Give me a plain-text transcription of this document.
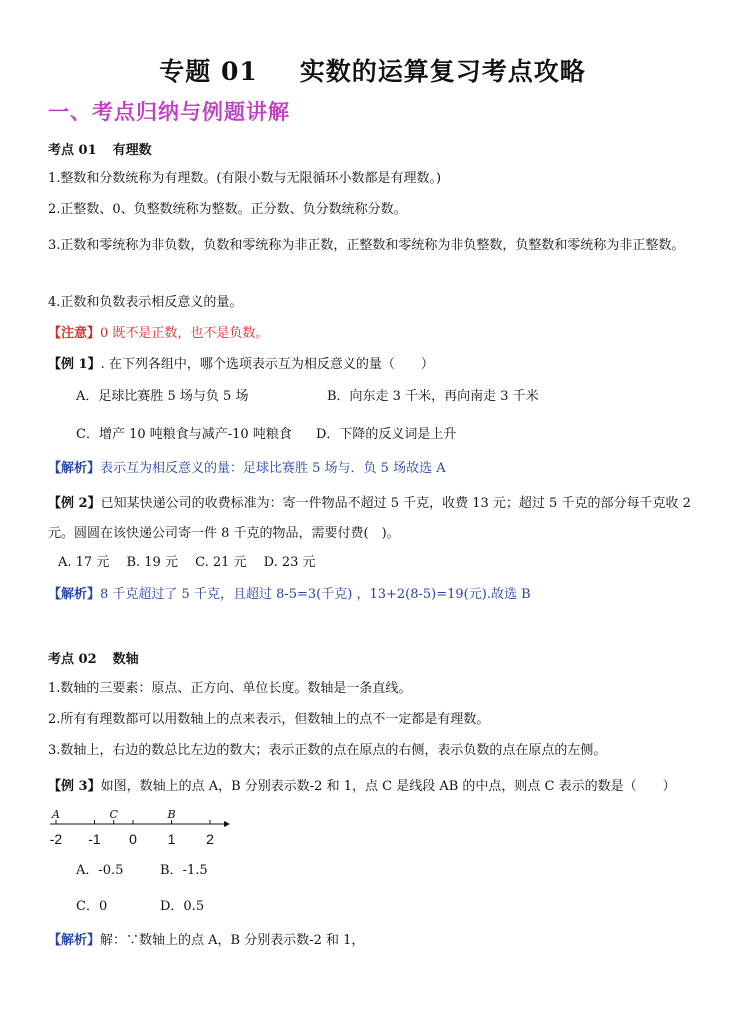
专题 01 实数的运算复习考点攻略
一、考点归纳与例题讲解
考点 01 有理数
1.整数和分数统称为有理数。(有限小数与无限循环小数都是有理数。)
2.正整数、0、负整数统称为整数。正分数、负分数统称分数。
3.正数和零统称为非负数，负数和零统称为非正数，正整数和零统称为非负整数，负整数和零统称为非正整数。
4.正数和负数表示相反意义的量。
【注意】0 既不是正数，也不是负数。
【例 1】. 在下列各组中，哪个选项表示互为相反意义的量（　　）
A．足球比赛胜 5 场与负 5 场	B．向东走 3 千米，再向南走 3 千米
C．增产 10 吨粮食与减产-10 吨粮食 D．下降的反义词是上升
【解析】表示互为相反意义的量：足球比赛胜 5 场与．负 5 场故选 A
【例 2】已知某快递公司的收费标准为：寄一件物品不超过 5 千克，收费 13 元；超过 5 千克的部分每千克收 2 元。圆圆在该快递公司寄一件 8 千克的物品，需要付费(　)。
A. 17 元　 B. 19 元　 C. 21 元　 D. 23 元
【解析】8 千克超过了 5 千克，且超过 8-5=3(千克) ，13+2(8-5)=19(元).故选 B
考点 02 数轴
1.数轴的三要素：原点、正方向、单位长度。数轴是一条直线。
2.所有有理数都可以用数轴上的点来表示，但数轴上的点不一定都是有理数。
3.数轴上，右边的数总比左边的数大；表示正数的点在原点的右侧，表示负数的点在原点的左侧。
【例 3】如图，数轴上的点 A，B 分别表示数-2 和 1，点 C 是线段 AB 的中点，则点 C 表示的数是（　　）
-2 -1 0 1 2
A	C	B
A．-0.5	B．-1.5
C．0	D．0.5
【解析】解：∵数轴上的点 A，B 分别表示数-2 和 1，
